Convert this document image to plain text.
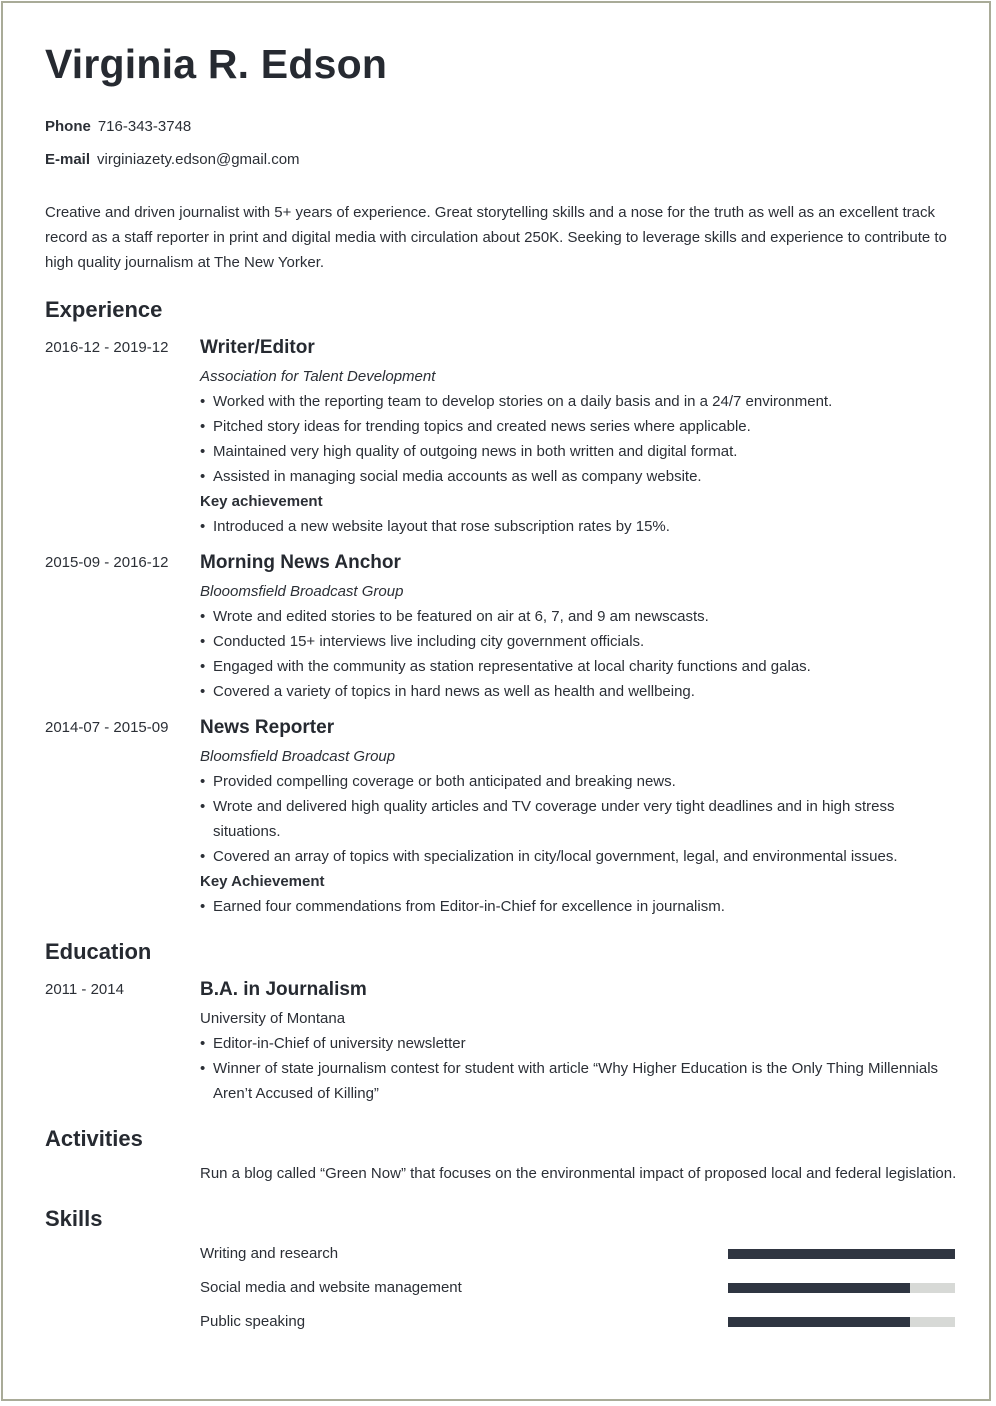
Virginia R. Edson
Phone 716-343-3748
E-mail virginiazety.edson@gmail.com
Creative and driven journalist with 5+ years of experience. Great storytelling skills and a nose for the truth as well as an excellent track record as a staff reporter in print and digital media with circulation about 250K. Seeking to leverage skills and experience to contribute to high quality journalism at The New Yorker.
Experience
2016-12 - 2019-12 Writer/Editor
Association for Talent Development
• Worked with the reporting team to develop stories on a daily basis and in a 24/7 environment.
• Pitched story ideas for trending topics and created news series where applicable.
• Maintained very high quality of outgoing news in both written and digital format.
• Assisted in managing social media accounts as well as company website.
Key achievement
• Introduced a new website layout that rose subscription rates by 15%.
2015-09 - 2016-12 Morning News Anchor
Blooomsfield Broadcast Group
• Wrote and edited stories to be featured on air at 6, 7, and 9 am newscasts.
• Conducted 15+ interviews live including city government officials.
• Engaged with the community as station representative at local charity functions and galas.
• Covered a variety of topics in hard news as well as health and wellbeing.
2014-07 - 2015-09 News Reporter
Bloomsfield Broadcast Group
• Provided compelling coverage or both anticipated and breaking news.
• Wrote and delivered high quality articles and TV coverage under very tight deadlines and in high stress situations.
• Covered an array of topics with specialization in city/local government, legal, and environmental issues.
Key Achievement
• Earned four commendations from Editor-in-Chief for excellence in journalism.
Education
2011 - 2014	B.A. in Journalism
University of Montana
• Editor-in-Chief of university newsletter
• Winner of state journalism contest for student with article “Why Higher Education is the Only Thing Millennials Aren’t Accused of Killing”
Activities
Run a blog called “Green Now” that focuses on the environmental impact of proposed local and federal legislation.
Skills
Writing and research
Social media and website management
Public speaking
